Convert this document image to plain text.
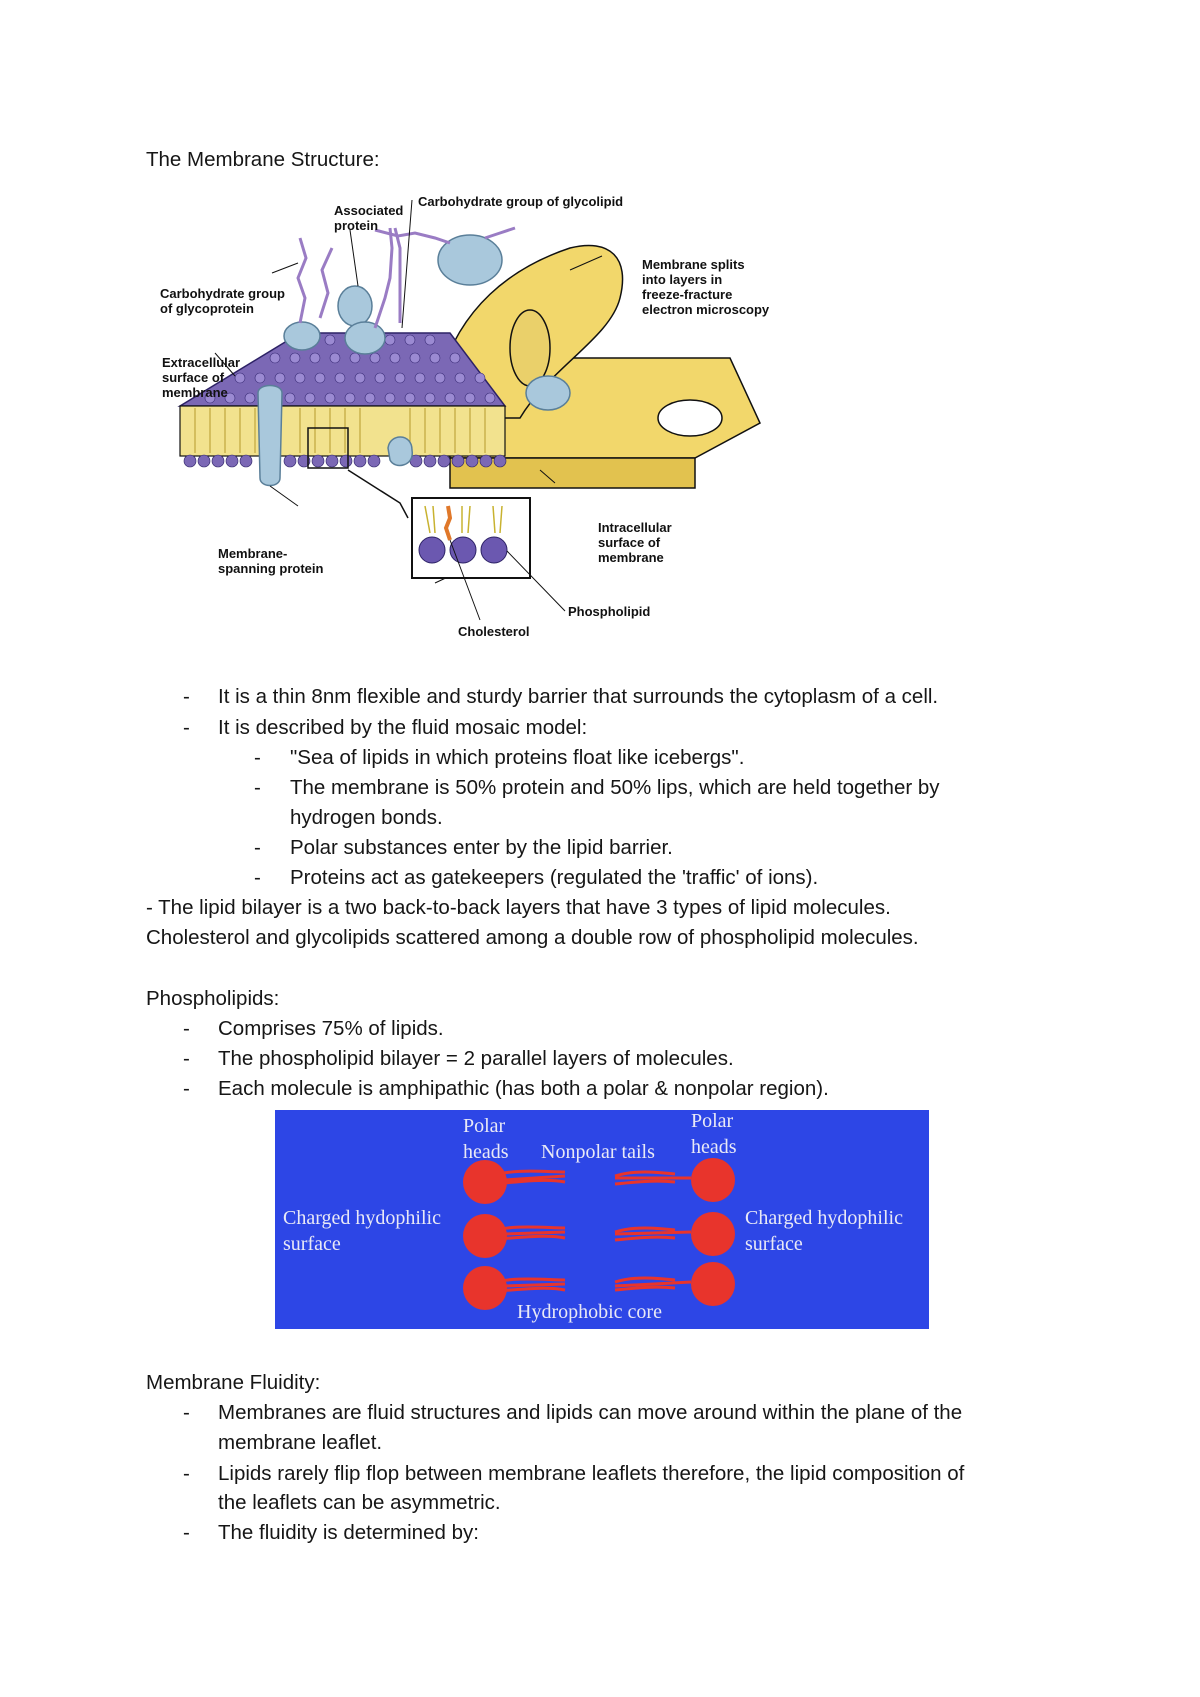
The Membrane Structure:
Associated protein
Carbohydrate group of glycolipid
Carbohydrate group of glycoprotein
Extracellular surface of membrane
Membrane splits into layers in freeze-fracture electron microscopy
Intracellular surface of membrane
Membrane- spanning protein
Phospholipid
Cholesterol
- It is a thin 8nm flexible and sturdy barrier that surrounds the cytoplasm of a cell.
- It is described by the fluid mosaic model:
- "Sea of lipids in which proteins float like icebergs".
- The membrane is 50% protein and 50% lips, which are held together by
hydrogen bonds.
- Polar substances enter by the lipid barrier.
- Proteins act as gatekeepers (regulated the 'traffic' of ions).
- The lipid bilayer is a two back-to-back layers that have 3 types of lipid molecules.
Cholesterol and glycolipids scattered among a double row of phospholipid molecules.
Phospholipids:
- Comprises 75% of lipids.
- The phospholipid bilayer = 2 parallel layers of molecules.
- Each molecule is amphipathic (has both a polar & nonpolar region).
Polar heads Nonpolar tails
Polar heads
Charged hydophilic surface
Charged hydophilic surface
Hydrophobic core
Membrane Fluidity:
- Membranes are fluid structures and lipids can move around within the plane of the
membrane leaflet.
- Lipids rarely flip flop between membrane leaflets therefore, the lipid composition of
the leaflets can be asymmetric.
- The fluidity is determined by:
